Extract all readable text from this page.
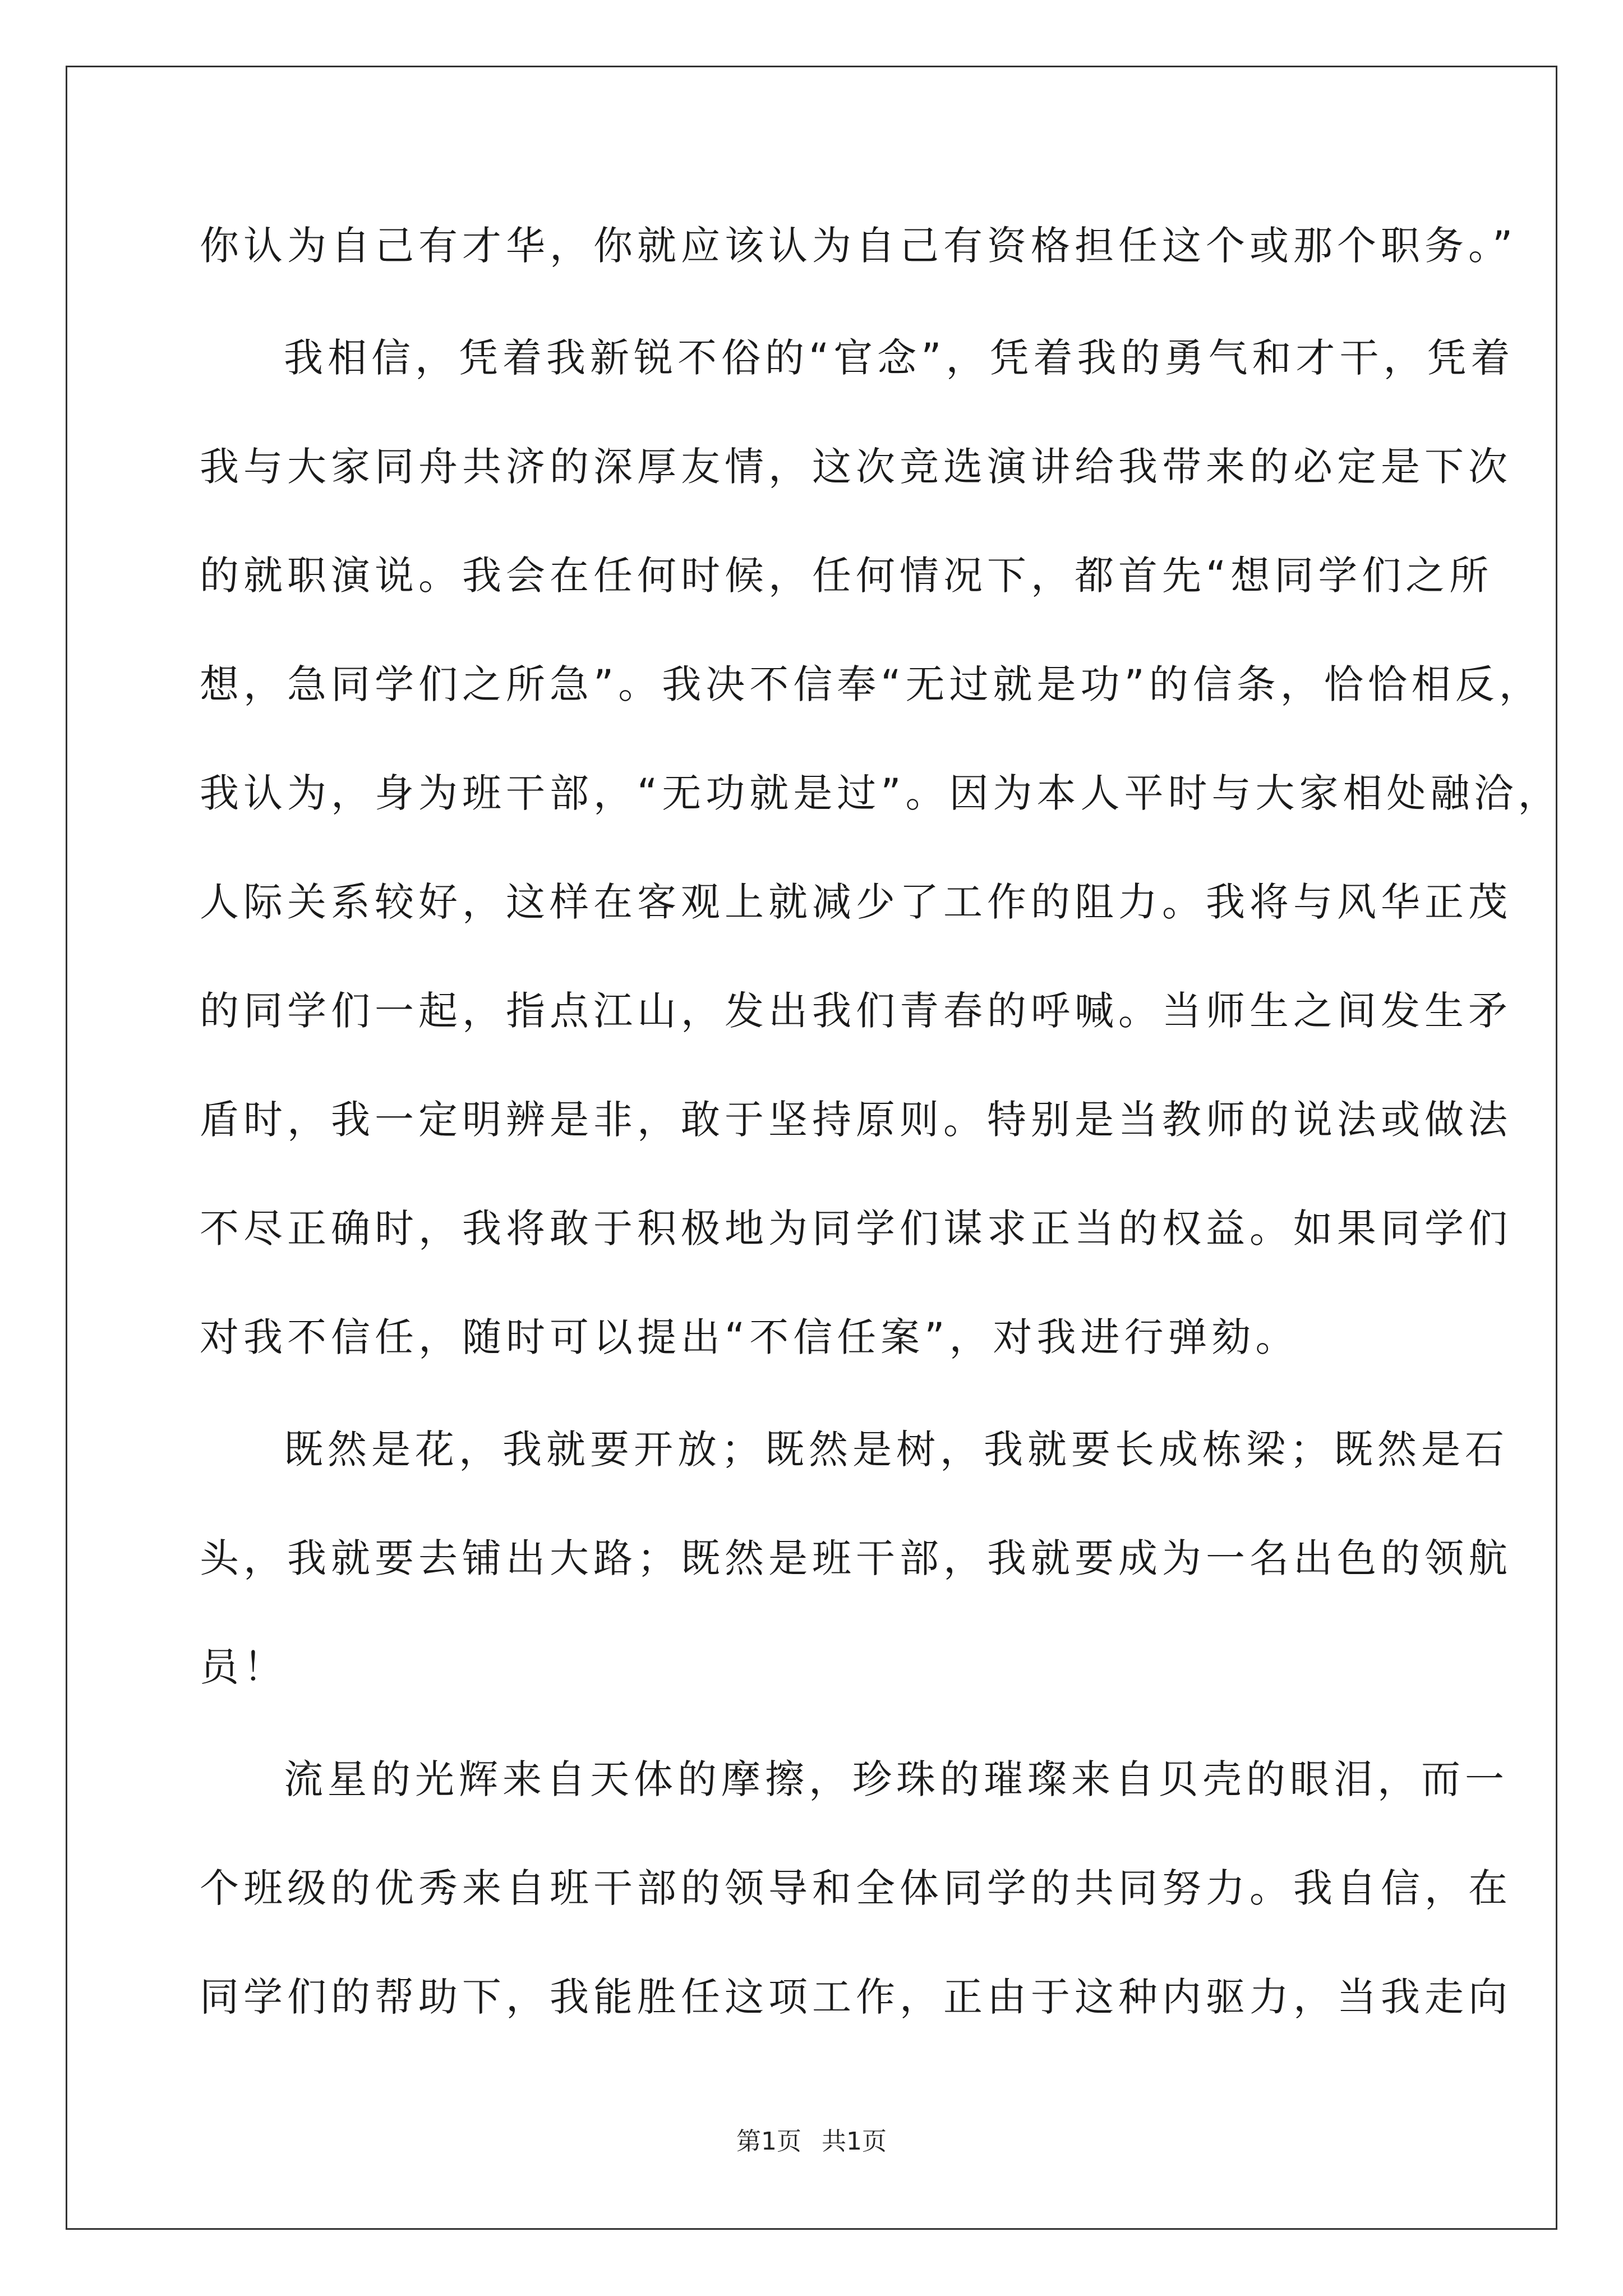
你认为自己有才华，你就应该认为自己有资格担任这个或那个职务。”
我相信，凭着我新锐不俗的“官念”，凭着我的勇气和才干，凭着
我与大家同舟共济的深厚友情，这次竞选演讲给我带来的必定是下次
的就职演说。我会在任何时候，任何情况下，都首先“想同学们之所
想，急同学们之所急”。我决不信奉“无过就是功”的信条，恰恰相反，
我认为，身为班干部，“无功就是过”。因为本人平时与大家相处融洽，
人际关系较好，这样在客观上就减少了工作的阻力。我将与风华正茂
的同学们一起，指点江山，发出我们青春的呼喊。当师生之间发生矛
盾时，我一定明辨是非，敢于坚持原则。特别是当教师的说法或做法
不尽正确时，我将敢于积极地为同学们谋求正当的权益。如果同学们
对我不信任，随时可以提出“不信任案”，对我进行弹劾。
既然是花，我就要开放；既然是树，我就要长成栋梁；既然是石
头，我就要去铺出大路；既然是班干部，我就要成为一名出色的领航
员！
流星的光辉来自天体的摩擦，珍珠的璀璨来自贝壳的眼泪，而一
个班级的优秀来自班干部的领导和全体同学的共同努力。我自信，在
同学们的帮助下，我能胜任这项工作，正由于这种内驱力，当我走向
第1页 共1页
